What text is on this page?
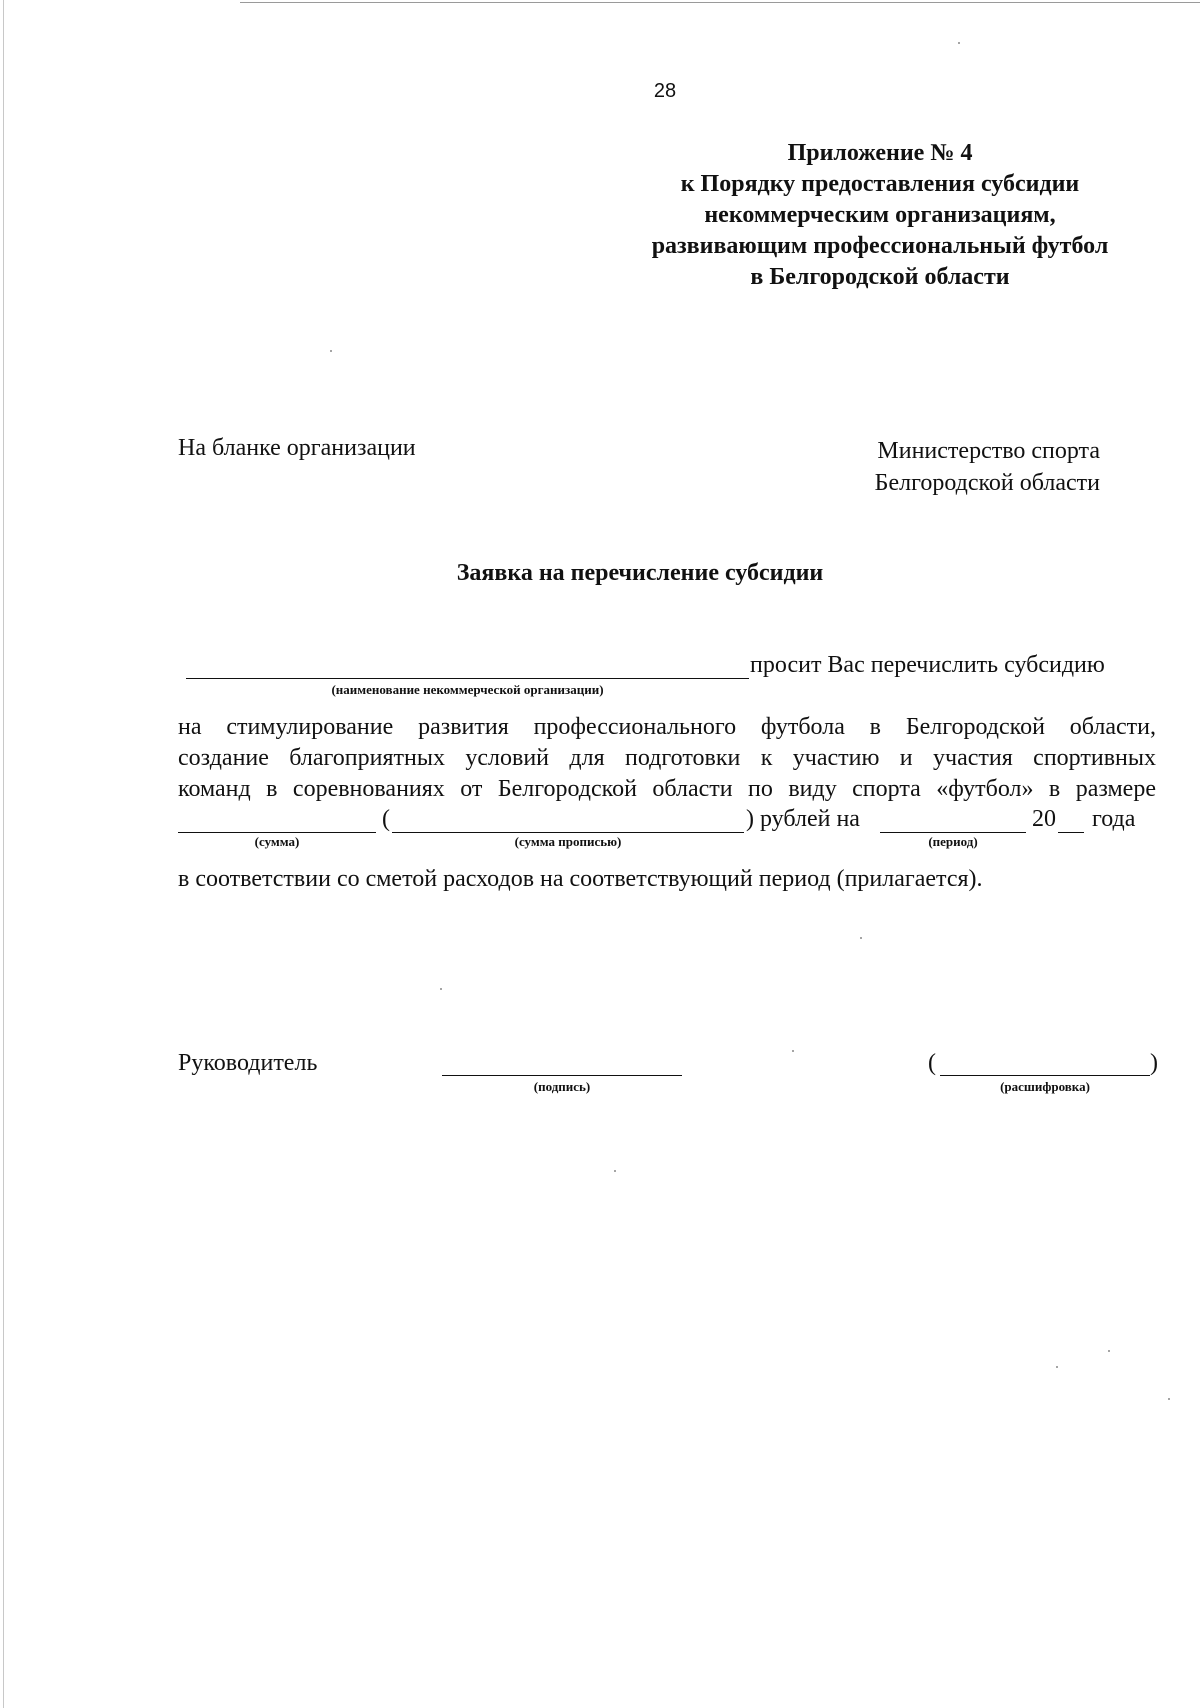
28
Приложение № 4
к Порядку предоставления субсидии
некоммерческим организациям,
развивающим профессиональный футбол
в Белгородской области
На бланке организации	Министерство спорта
Белгородской области
Заявка на перечисление субсидии
просит Вас перечислить субсидию
(наименование некоммерческой организации)
на стимулирование развития профессионального футбола в Белгородской области,
создание благоприятных условий для подготовки к участию и участия спортивных
команд в соревнованиях от Белгородской области по виду спорта «футбол» в размере
(	) рублей на	20 года
(сумма)	(сумма прописью)	(период)
в соответствии со сметой расходов на соответствующий период (прилагается).
Руководитель
(подпись)
(	)
(расшифровка)
